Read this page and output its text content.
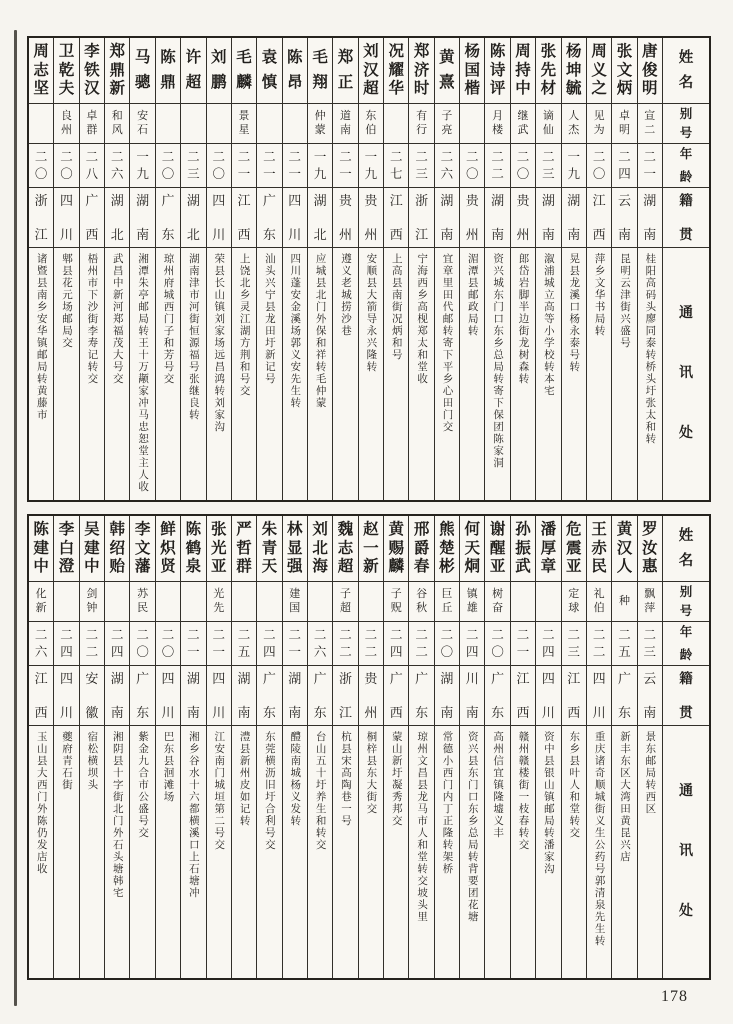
周
志
坚
二
〇
浙
江
诸暨县南乡安华镇邮局转黄藤市
卫
乾
夫
良
州
二
〇
四
川
郫县花元场邮局交
李
铁
汉
卓
群
二
八
广
西
梧州市下沙街李寿记转交
郑
鼎
新
和
风
二
六
湖
北
武昌中新河郑福茂大号交
马
骢
安
石
一
九
湖
南
湘潭朱亭邮局转王十万颟家冲马忠恕堂主人收
陈
鼎
二
〇
广
东
琼州府城西门子和芳号交
许
超
二
三
湖
北
湖南津市河街恒源福号张继良转
刘
鹏
二
〇
四
川
荣县长山镇刘家场远昌鸿转刘家沟
毛
麟
景
星
二
一
江
西
上饶北乡灵江湖方荆和号交
袁
慎
二
一
广
东
汕头兴宁县龙田圩新记号
陈
昂
二
一
四
川
四川蓬安金溪场郭义安先生转
毛
翔
仲
蒙
一
九
湖
北
应城县北门外保和祥转毛仲蒙
郑
正
道
南
二
一
贵
州
遵义老城捞沙巷
刘
汉
超
东
伯
一
九
贵
州
安顺县大箭导永兴隆转
况
耀
华
二
七
江
西
上高县南街况炳和号
郑
济
时
有
行
二
三
浙
江
宁海西乡高枧郑太和堂收
黄
熹
子
亮
二
六
湖
南
宜章里田代邮转寄下平乡心田门交
杨
国
楷
二
〇
贵
州
湄潭县邮政局转
陈
诗
评
月
楼
二
二
湖
南
资兴城东门口东乡总局转寄下保团陈家洞
周
持
中
继
武
二
〇
贵
州
郎岱岩脚半边街龙树森转
张
先
材
谪
仙
二
三
湖
南
溆浦城立高等小学校转本宅
杨
坤
毓
人
杰
一
九
湖
南
晃县龙溪口杨永泰号转
周
义
之
见
为
二
〇
江
西
萍乡文华书局转
张
文
炳
卓
明
二
四
云
南
昆明云津街兴盛号
唐
俊
明
宣
二
二
一
湖
南
桂阳高码头廖同泰转桥头圩张太和转
姓
名
别
号
年
龄
籍
贯
通
讯
处
陈
建
中
化
新
二
六
江
西
玉山县大西门外陈仍发店收
李
白
澄
二
四
四
川
夔府青石街
吴
建
中
剑
钟
二
二
安
徽
宿松横坝头
韩
绍
贻
二
四
湖
南
湘阴县十字街北门外石头塘韩宅
李
文
藩
苏
民
二
〇
广
东
紫金九合市公盛号交
鲜
炽
贤
二
〇
四
川
巴东县洄滩场
陈
鹤
泉
二
一
湖
南
湘乡谷水十六都横溪口上石塘冲
张
光
亚
光
先
二
一
四
川
江安南门城垣第二号交
严
哲
群
二
五
湖
南
澧县新州皮如记转
朱
青
天
二
四
广
东
东莞横沥旧圩合利号交
林
显
强
建
国
二
一
湖
南
醴陵南城杨义发转
刘
北
海
二
六
广
东
台山五十圩养生和转交
魏
志
超
子
超
二
二
浙
江
杭县宋高陶巷一号
赵
一
新
二
二
贵
州
桐梓县东大街交
黄
赐
麟
子
贶
二
四
广
西
蒙山新圩凝秀邦交
邢
爵
春
谷
秋
二
二
广
东
琼州文昌县龙马市人和堂转交坡头里
熊
楚
彬
巨
丘
二
〇
湖
南
常德小西门内丁正隆转架桥
何
天
烔
镇
雄
二
四
川
南
资兴县东门口东乡总局转背要团花塘
谢
醒
亚
树
奋
二
〇
广
东
高州信宜镇隆墟义丰
孙
振
武
二
一
江
西
赣州赣楼街一枝春转交
潘
厚
章
二
四
四
川
资中县银山镇邮局转潘家沟
危
震
亚
定
球
二
三
江
西
东乡县叶人和堂转交
王
赤
民
礼
伯
二
二
四
川
重庆诸奇顺城街义生公药号郭清泉先生转
黄
汉
人
种
二
五
广
东
新丰东区大湾田黄昆兴店
罗
汝
惠
飘
萍
二
三
云
南
景东邮局转西区
姓
名
别
号
年
龄
籍
贯
通
讯
处
178
